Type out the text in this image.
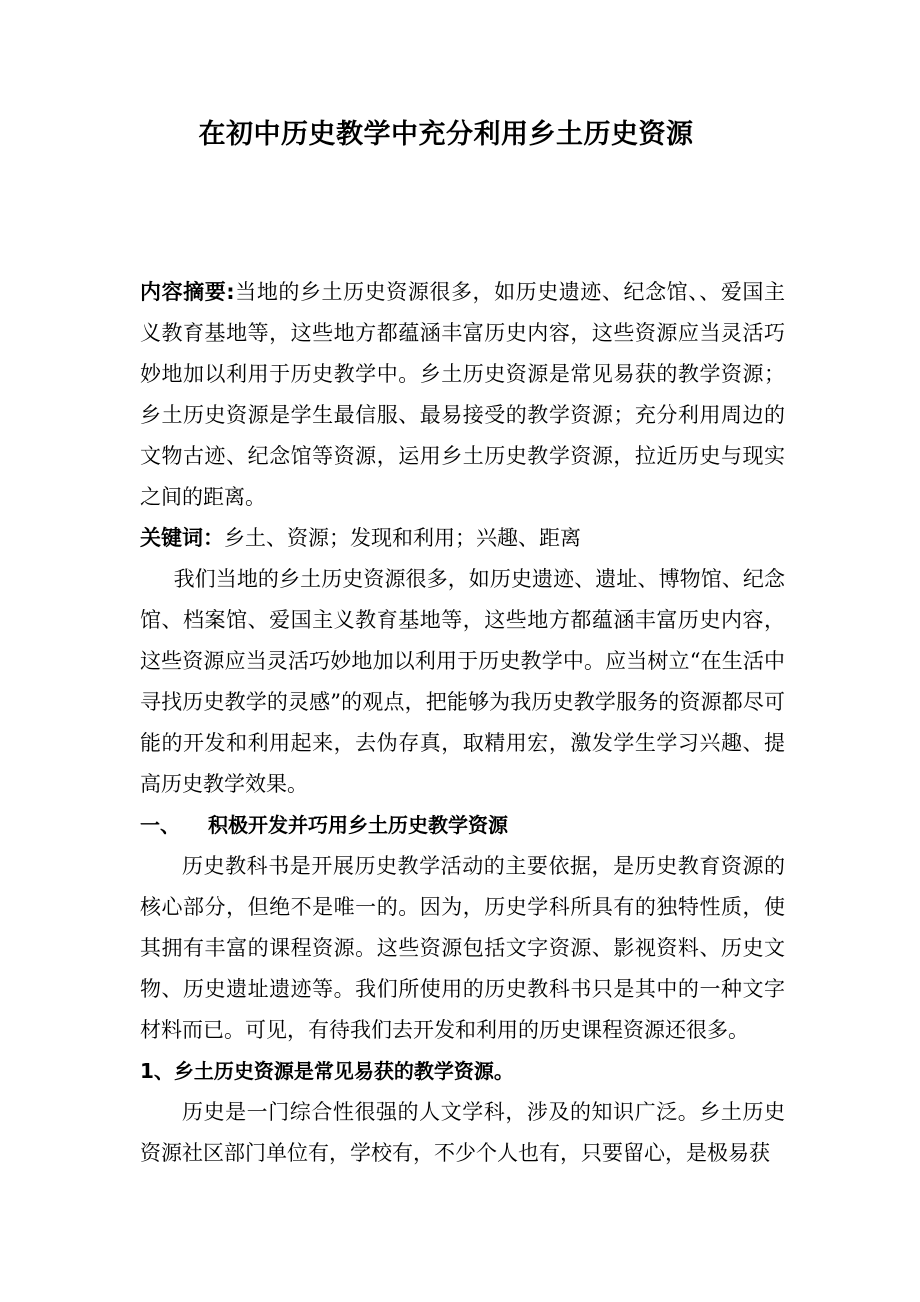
在初中历史教学中充分利用乡土历史资源

内容摘要:当地的乡土历史资源很多，如历史遗迹、纪念馆、、爱国主义教育基地等，这些地方都蕴涵丰富历史内容，这些资源应当灵活巧妙地加以利用于历史教学中。乡土历史资源是常见易获的教学资源；乡土历史资源是学生最信服、最易接受的教学资源；充分利用周边的文物古迹、纪念馆等资源，运用乡土历史教学资源，拉近历史与现实之间的距离。

关键词：乡土、资源；发现和利用；兴趣、距离

我们当地的乡土历史资源很多，如历史遗迹、遗址、博物馆、纪念馆、档案馆、爱国主义教育基地等，这些地方都蕴涵丰富历史内容，这些资源应当灵活巧妙地加以利用于历史教学中。应当树立“在生活中寻找历史教学的灵感”的观点，把能够为我历史教学服务的资源都尽可能的开发和利用起来，去伪存真，取精用宏，激发学生学习兴趣、提高历史教学效果。

一、 积极开发并巧用乡土历史教学资源

历史教科书是开展历史教学活动的主要依据，是历史教育资源的核心部分，但绝不是唯一的。因为，历史学科所具有的独特性质，使其拥有丰富的课程资源。这些资源包括文字资源、影视资料、历史文物、历史遗址遗迹等。我们所使用的历史教科书只是其中的一种文字材料而已。可见，有待我们去开发和利用的历史课程资源还很多。

1、乡土历史资源是常见易获的教学资源。

历史是一门综合性很强的人文学科，涉及的知识广泛。乡土历史资源社区部门单位有，学校有，不少个人也有，只要留心，是极易获
